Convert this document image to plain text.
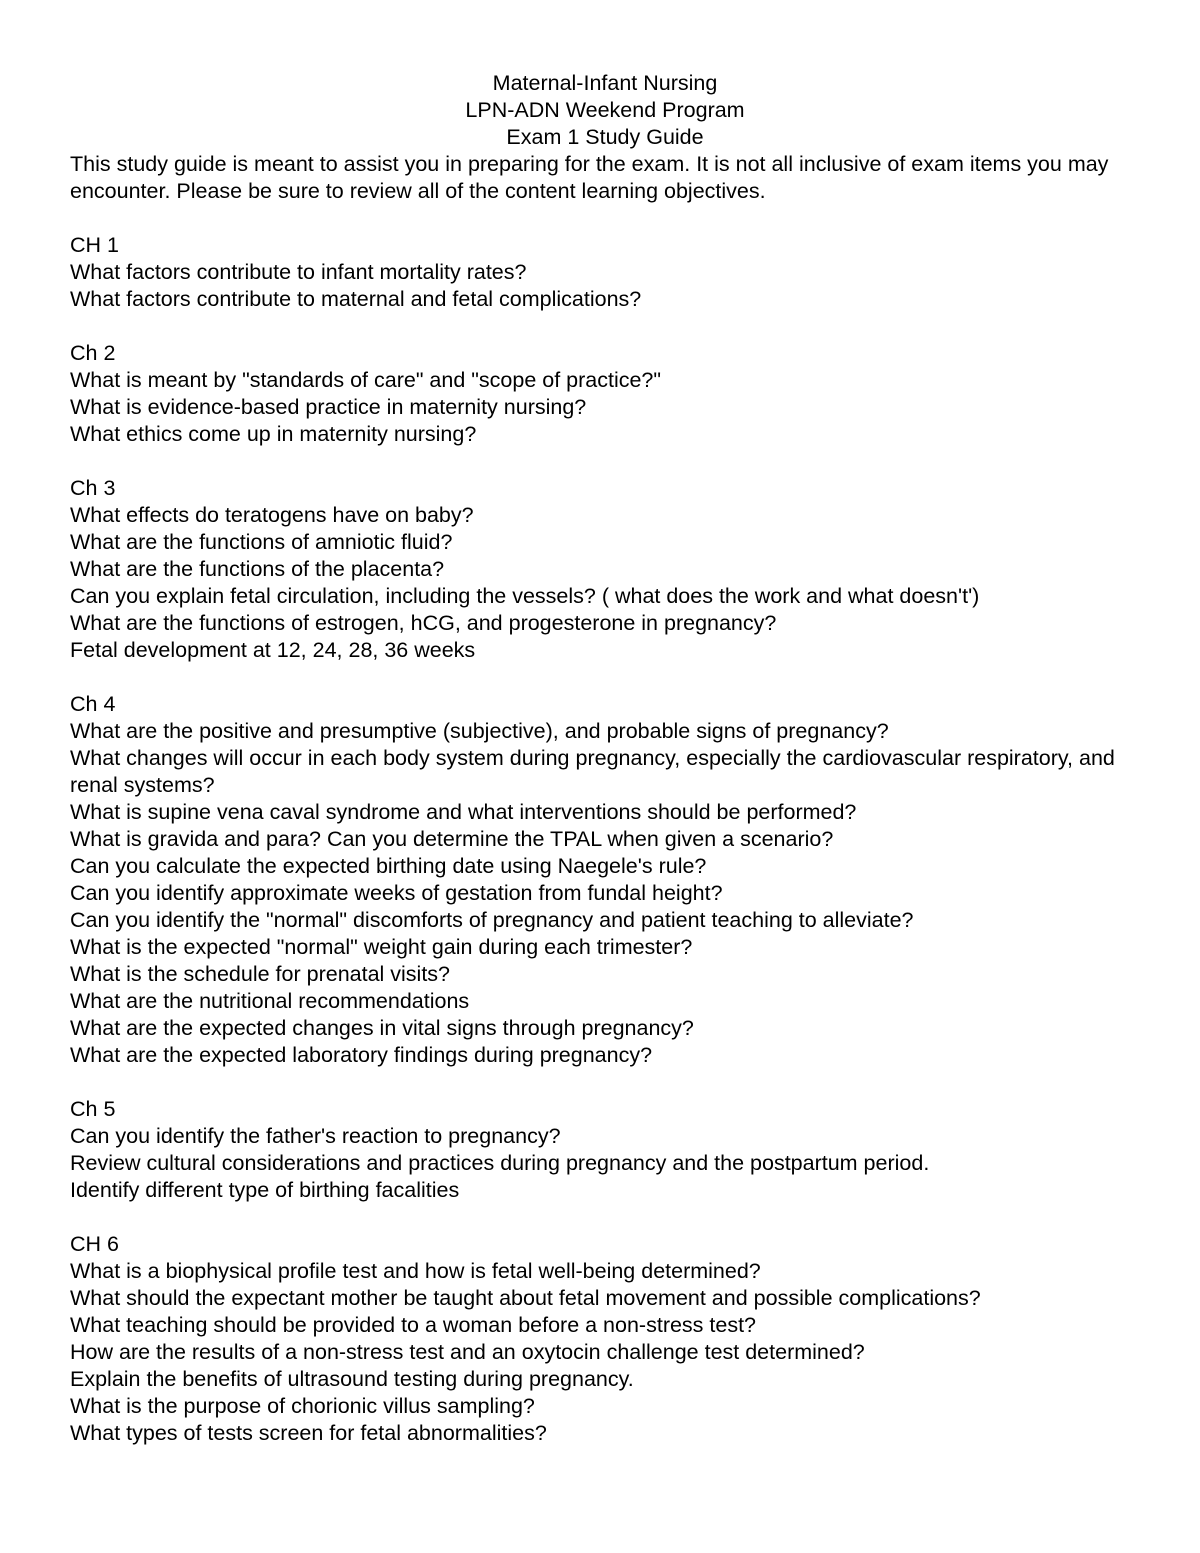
Maternal-Infant Nursing
LPN-ADN Weekend Program
Exam 1 Study Guide

This study guide is meant to assist you in preparing for the exam. It is not all inclusive of exam items you may encounter. Please be sure to review all of the content learning objectives.

CH 1
What factors contribute to infant mortality rates?
What factors contribute to maternal and fetal complications?
Ch 2
What is meant by "standards of care" and "scope of practice?"
What is evidence-based practice in maternity nursing?
What ethics come up in maternity nursing?
Ch 3
What effects do teratogens have on baby?
What are the functions of amniotic fluid?
What are the functions of the placenta?
Can you explain fetal circulation, including the vessels? ( what does the work and what doesn't')
What are the functions of estrogen, hCG, and progesterone in pregnancy?
Fetal development at 12, 24, 28, 36 weeks
Ch 4
What are the positive and presumptive (subjective), and probable signs of pregnancy?
What changes will occur in each body system during pregnancy, especially the cardiovascular respiratory, and renal systems?
What is supine vena caval syndrome and what interventions should be performed?
What is gravida and para? Can you determine the TPAL when given a scenario?
Can you calculate the expected birthing date using Naegele's rule?
Can you identify approximate weeks of gestation from fundal height?
Can you identify the "normal" discomforts of pregnancy and patient teaching to alleviate?
What is the expected "normal" weight gain during each trimester?
What is the schedule for prenatal visits?
What are the nutritional recommendations
What are the expected changes in vital signs through pregnancy?
What are the expected laboratory findings during pregnancy?
Ch 5
Can you identify the father's reaction to pregnancy?
Review cultural considerations and practices during pregnancy and the postpartum period.
Identify different type of birthing facalities
CH 6
What is a biophysical profile test and how is fetal well-being determined?
What should the expectant mother be taught about fetal movement and possible complications?
What teaching should be provided to a woman before a non-stress test?
How are the results of a non-stress test and an oxytocin challenge test determined?
Explain the benefits of ultrasound testing during pregnancy.
What is the purpose of chorionic villus sampling?
What types of tests screen for fetal abnormalities?
